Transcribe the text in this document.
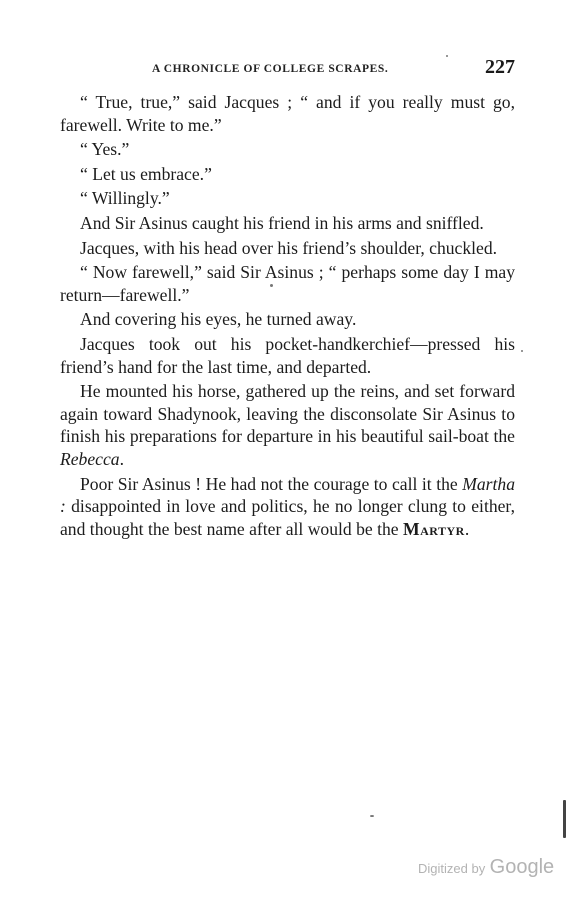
A CHRONICLE OF COLLEGE SCRAPES.	227

“ True, true,” said Jacques ; “ and if you really must go, farewell. Write to me.”

“ Yes.”

“ Let us embrace.”

“ Willingly.”

And Sir Asinus caught his friend in his arms and sniffled.

Jacques, with his head over his friend’s shoulder, chuckled.

“ Now farewell,” said Sir Asinus ; “ perhaps some day I may return—farewell.”

And covering his eyes, he turned away.

Jacques took out his pocket-handkerchief—pressed his friend’s hand for the last time, and departed.

He mounted his horse, gathered up the reins, and set forward again toward Shadynook, leaving the disconsolate Sir Asinus to finish his preparations for departure in his beautiful sail-boat the Rebecca.

Poor Sir Asinus ! He had not the courage to call it the Martha : disappointed in love and politics, he no longer clung to either, and thought the best name after all would be the Martyr.

Digitized by Google
